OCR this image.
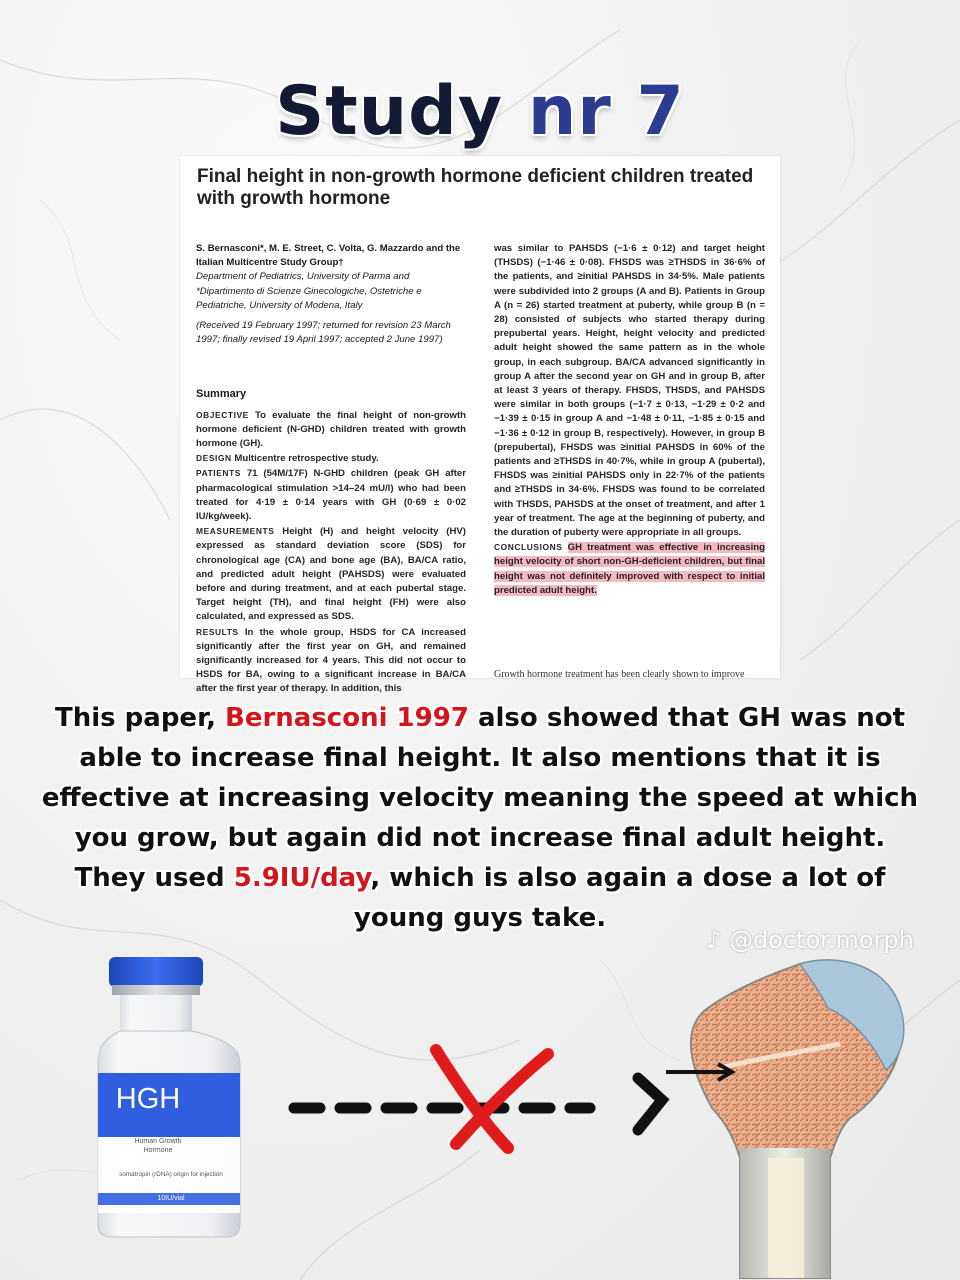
Study nr 7
Final height in non-growth hormone deficient children treated with growth hormone
S. Bernasconi*, M. E. Street, C. Volta, G. Mazzardo and the Italian Multicentre Study Group†
Department of Pediatrics, University of Parma and
*Dipartimento di Scienze Ginecologiche, Ostetriche e Pediatriche, University of Modena, Italy
(Received 19 February 1997; returned for revision 23 March 1997; finally revised 19 April 1997; accepted 2 June 1997)
Summary
OBJECTIVE To evaluate the final height of non-growth hormone deficient (N-GHD) children treated with growth hormone (GH).
DESIGN Multicentre retrospective study.
PATIENTS 71 (54M/17F) N-GHD children (peak GH after pharmacological stimulation >14–24 mU/l) who had been treated for 4·19 ± 0·14 years with GH (0·69 ± 0·02 IU/kg/week).
MEASUREMENTS Height (H) and height velocity (HV) expressed as standard deviation score (SDS) for chronological age (CA) and bone age (BA), BA/CA ratio, and predicted adult height (PAHSDS) were evaluated before and during treatment, and at each pubertal stage. Target height (TH), and final height (FH) were also calculated, and expressed as SDS.
RESULTS In the whole group, HSDS for CA increased significantly after the first year on GH, and remained significantly increased for 4 years. This did not occur to HSDS for BA, owing to a significant increase in BA/CA after the first year of therapy. In addition, this
was similar to PAHSDS (−1·6 ± 0·12) and target height (THSDS) (−1·46 ± 0·08). FHSDS was ≥THSDS in 36·6% of the patients, and ≥initial PAHSDS in 34·5%. Male patients were subdivided into 2 groups (A and B). Patients in Group A (n = 26) started treatment at puberty, while group B (n = 28) consisted of subjects who started therapy during prepubertal years. Height, height velocity and predicted adult height showed the same pattern as in the whole group, in each subgroup. BA/CA advanced significantly in group A after the second year on GH and in group B, after at least 3 years of therapy. FHSDS, THSDS, and PAHSDS were similar in both groups (−1·7 ± 0·13, −1·29 ± 0·2 and −1·39 ± 0·15 in group A and −1·48 ± 0·11, −1·85 ± 0·15 and −1·36 ± 0·12 in group B, respectively). However, in group B (prepubertal), FHSDS was ≥initial PAHSDS in 60% of the patients and ≥THSDS in 40·7%, while in group A (pubertal), FHSDS was ≥initial PAHSDS only in 22·7% of the patients and ≥THSDS in 34·6%. FHSDS was found to be correlated with THSDS, PAHSDS at the onset of treatment, and after 1 year of treatment. The age at the beginning of puberty, and the duration of puberty were appropriate in all groups.
CONCLUSIONS GH treatment was effective in increasing height velocity of short non-GH-deficient children, but final height was not definitely improved with respect to initial predicted adult height.
Growth hormone treatment has been clearly shown to improve
This paper, Bernasconi 1997 also showed that GH was not able to increase final height. It also mentions that it is effective at increasing velocity meaning the speed at which you grow, but again did not increase final adult height. They used 5.9IU/day, which is also again a dose a lot of young guys take.
♪ @doctor.morph
HGH
Human Growth Hormone
somatropin (rDNA) origin for injection
10IU/vial
